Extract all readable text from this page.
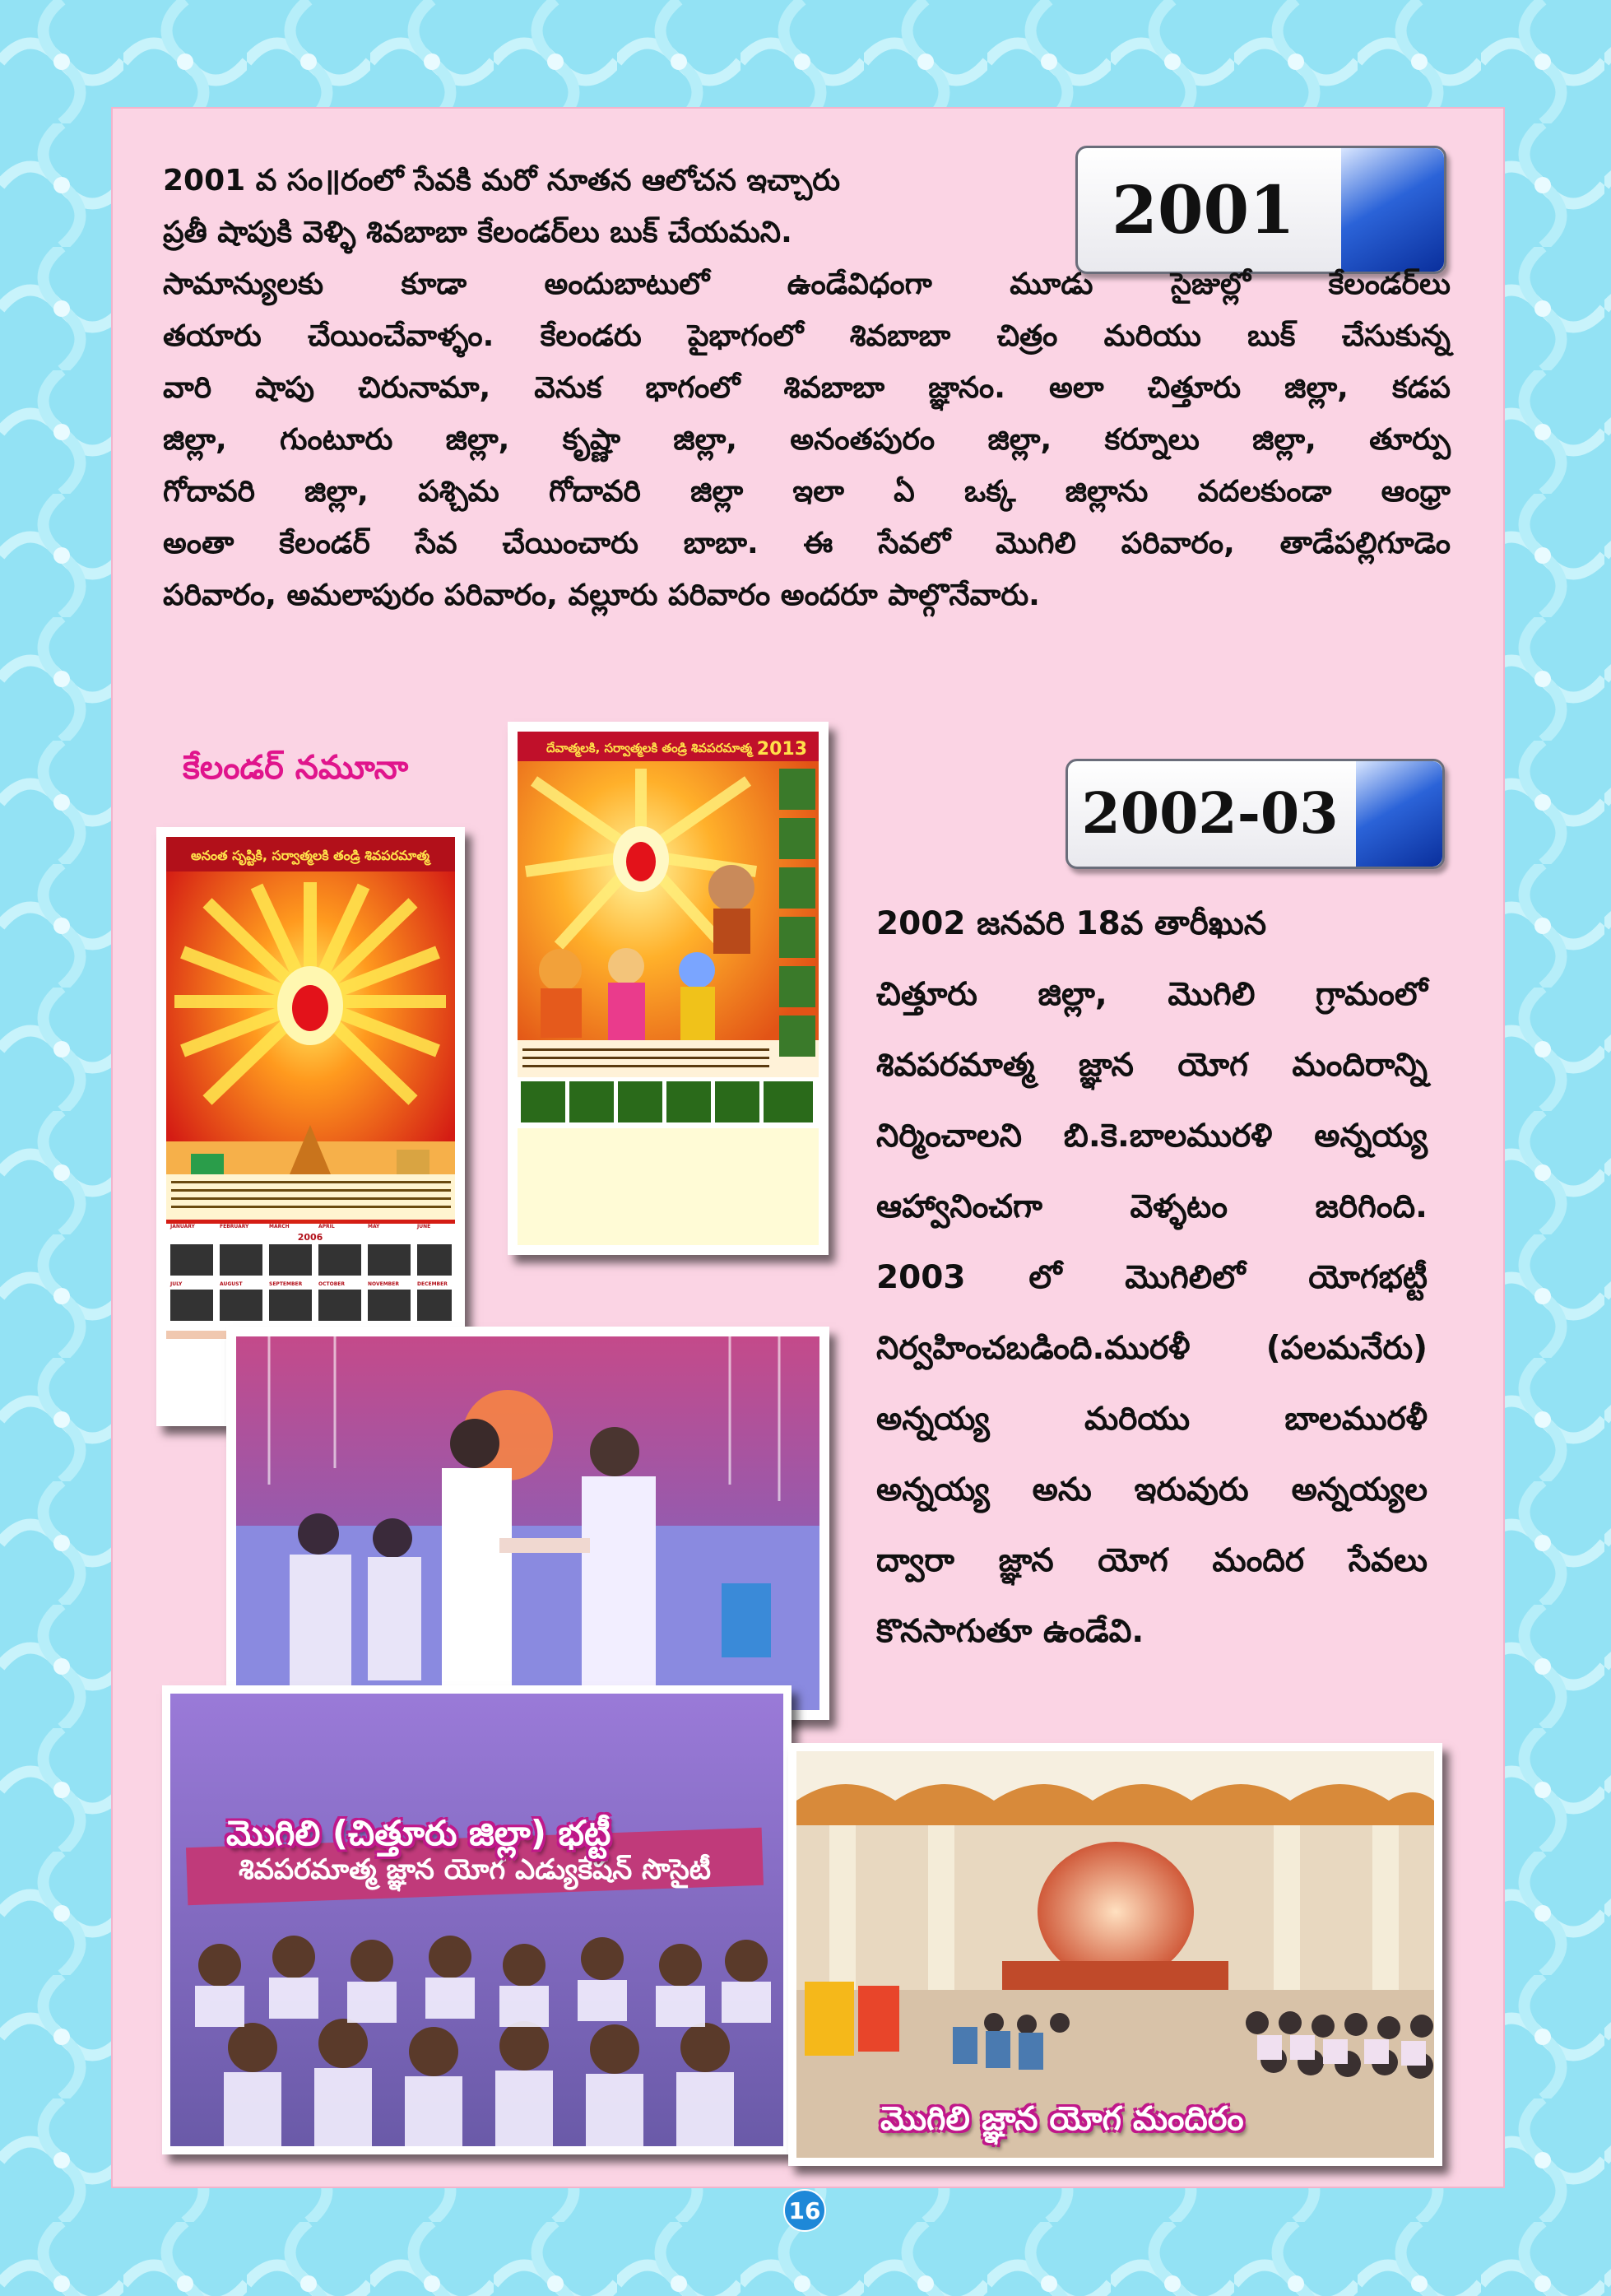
2001
2001 వ సం॥రంలో సేవకి మరో నూతన ఆలోచన ఇచ్చారు
ప్రతీ షాపుకి వెళ్ళి శివబాబా కేలండర్‌లు బుక్ చేయమని.
సామాన్యులకు కూడా అందుబాటులో ఉండేవిధంగా మూడు సైజుల్లో కేలండర్‌లు
తయారు చేయించేవాళ్ళం. కేలండరు పైభాగంలో శివబాబా చిత్రం మరియు బుక్ చేసుకున్న
వారి షాపు చిరునామా, వెనుక భాగంలో శివబాబా జ్ఞానం. అలా చిత్తూరు జిల్లా, కడప
జిల్లా, గుంటూరు జిల్లా, కృష్ణా జిల్లా, అనంతపురం జిల్లా, కర్నూలు జిల్లా, తూర్పు
గోదావరి జిల్లా, పశ్చిమ గోదావరి జిల్లా ఇలా ఏ ఒక్క జిల్లాను వదలకుండా ఆంధ్రా
అంతా కేలండర్ సేవ చేయించారు బాబా. ఈ సేవలో మొగిలి పరివారం, తాడేపల్లిగూడెం
పరివారం, అమలాపురం పరివారం, వల్లూరు పరివారం అందరూ పాల్గొనేవారు.
కేలండర్ నమూనా
అనంత సృష్టికి, సర్వాత్మలకి తండ్రి శివపరమాత్మ
2006
JANUARY	FEBRUARY	MARCH	APRIL	MAY	JUNE
JULY	AUGUST	SEPTEMBER	OCTOBER	NOVEMBER	DECEMBER
దేవాత్మలకి, సర్వాత్మలకి తండ్రి శివపరమాత్మ 2013
2002-03
2002 జనవరి 18వ తారీఖున
చిత్తూరు జిల్లా, మొగిలి గ్రామంలో
శివపరమాత్మ జ్ఞాన యోగ మందిరాన్ని
నిర్మించాలని బి.కె.బాలమురళి అన్నయ్య
ఆహ్వానించగా వెళ్ళటం జరిగింది.
2003 లో మొగిలిలో యోగభట్టీ
నిర్వహించబడింది.మురళీ (పలమనేరు)
అన్నయ్య మరియు బాలమురళీ
అన్నయ్య అను ఇరువురు అన్నయ్యల
ద్వారా జ్ఞాన యోగ మందిర సేవలు
కొనసాగుతూ ఉండేవి.
శివపరమాత్మ జ్ఞాన యోగ ఎడ్యుకేషన్ సొసైటీ
మొగిలి (చిత్తూరు జిల్లా) భట్టీ
మొగిలి జ్ఞాన యోగ మందిరం
16
